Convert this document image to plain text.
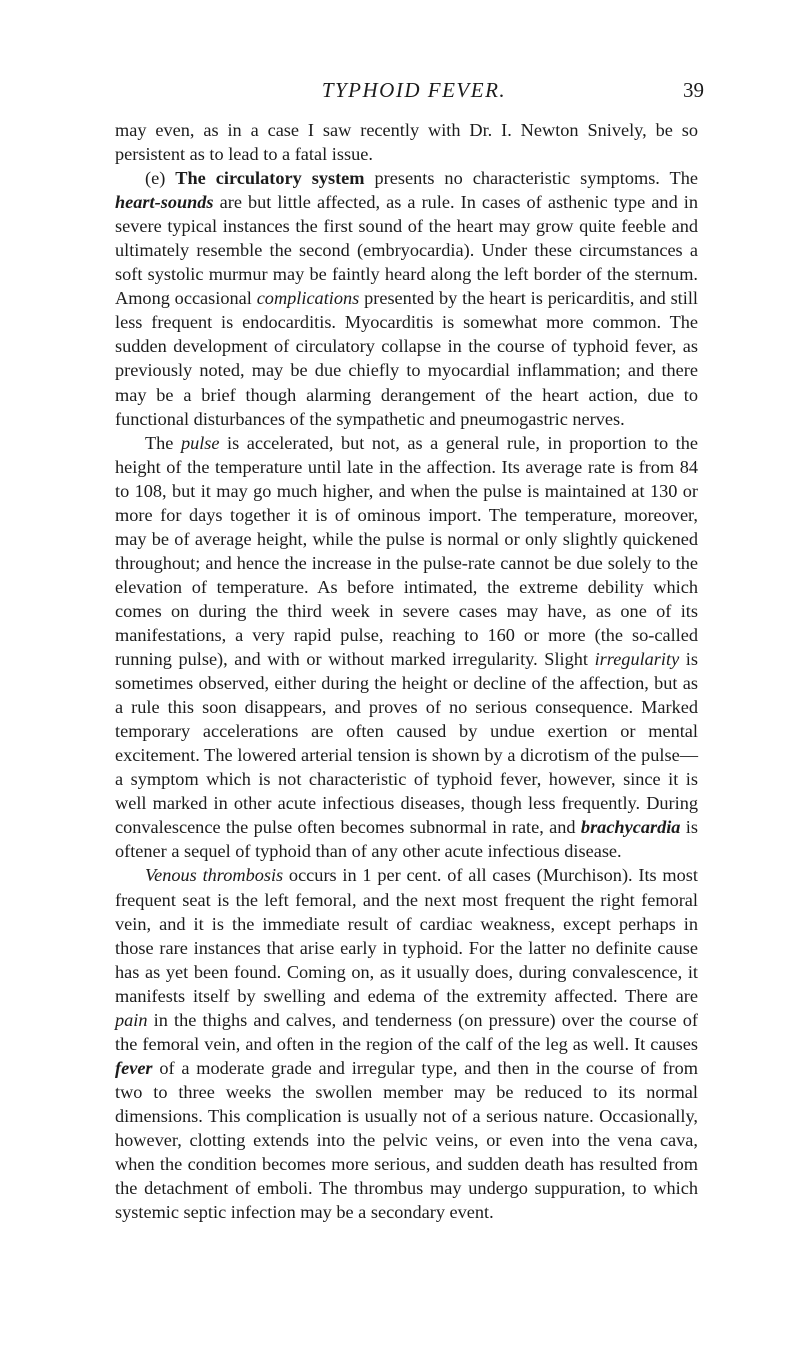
TYPHOID FEVER.	39

may even, as in a case I saw recently with Dr. I. Newton Snively, be so persistent as to lead to a fatal issue.

(e) The circulatory system presents no characteristic symptoms. The heart-sounds are but little affected, as a rule. In cases of asthenic type and in severe typical instances the first sound of the heart may grow quite feeble and ultimately resemble the second (embryocardia). Under these circumstances a soft systolic murmur may be faintly heard along the left border of the sternum. Among occasional complications presented by the heart is pericarditis, and still less frequent is endocarditis. Myocarditis is somewhat more common. The sudden development of circulatory collapse in the course of typhoid fever, as previously noted, may be due chiefly to myocardial inflammation; and there may be a brief though alarming derangement of the heart action, due to functional disturbances of the sympathetic and pneumogastric nerves.

The pulse is accelerated, but not, as a general rule, in proportion to the height of the temperature until late in the affection. Its average rate is from 84 to 108, but it may go much higher, and when the pulse is maintained at 130 or more for days together it is of ominous import. The temperature, moreover, may be of average height, while the pulse is normal or only slightly quickened throughout; and hence the increase in the pulse-rate cannot be due solely to the elevation of temperature. As before intimated, the extreme debility which comes on during the third week in severe cases may have, as one of its manifestations, a very rapid pulse, reaching to 160 or more (the so-called running pulse), and with or without marked irregularity. Slight irregularity is sometimes observed, either during the height or decline of the affection, but as a rule this soon disappears, and proves of no serious consequence. Marked temporary accelerations are often caused by undue exertion or mental excitement. The lowered arterial tension is shown by a dicrotism of the pulse—a symptom which is not characteristic of typhoid fever, however, since it is well marked in other acute infectious diseases, though less frequently. During convalescence the pulse often becomes subnormal in rate, and brachycardia is oftener a sequel of typhoid than of any other acute infectious disease.

Venous thrombosis occurs in 1 per cent. of all cases (Murchison). Its most frequent seat is the left femoral, and the next most frequent the right femoral vein, and it is the immediate result of cardiac weakness, except perhaps in those rare instances that arise early in typhoid. For the latter no definite cause has as yet been found. Coming on, as it usually does, during convalescence, it manifests itself by swelling and edema of the extremity affected. There are pain in the thighs and calves, and tenderness (on pressure) over the course of the femoral vein, and often in the region of the calf of the leg as well. It causes fever of a moderate grade and irregular type, and then in the course of from two to three weeks the swollen member may be reduced to its normal dimensions. This complication is usually not of a serious nature. Occasionally, however, clotting extends into the pelvic veins, or even into the vena cava, when the condition becomes more serious, and sudden death has resulted from the detachment of emboli. The thrombus may undergo suppuration, to which systemic septic infection may be a secondary event.
